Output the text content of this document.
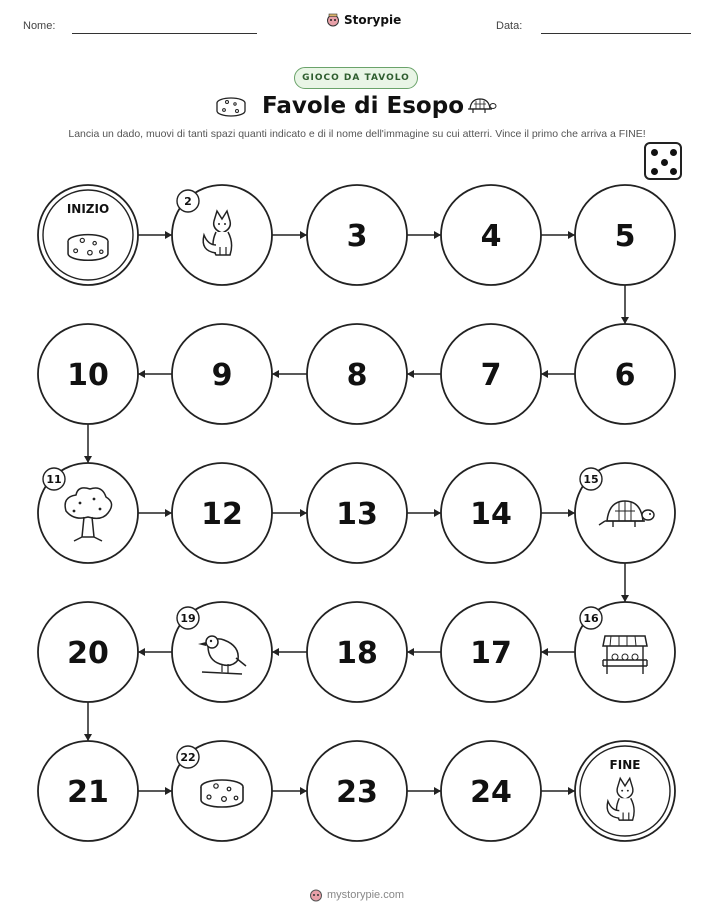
Nome:	Storypie	Data:
GIOCO DA TAVOLO
Favole di Esopo
Lancia un dado, muovi di tanti spazi quanti indicato e di il nome dell'immagine su cui atterri. Vince il primo che arriva a FINE!
INIZIO
2
3	4	5
10	9	8	7	6
11
12	13	14
15
20
19
18	17
16
21
22
23	24
FINE
mystorypie.com
